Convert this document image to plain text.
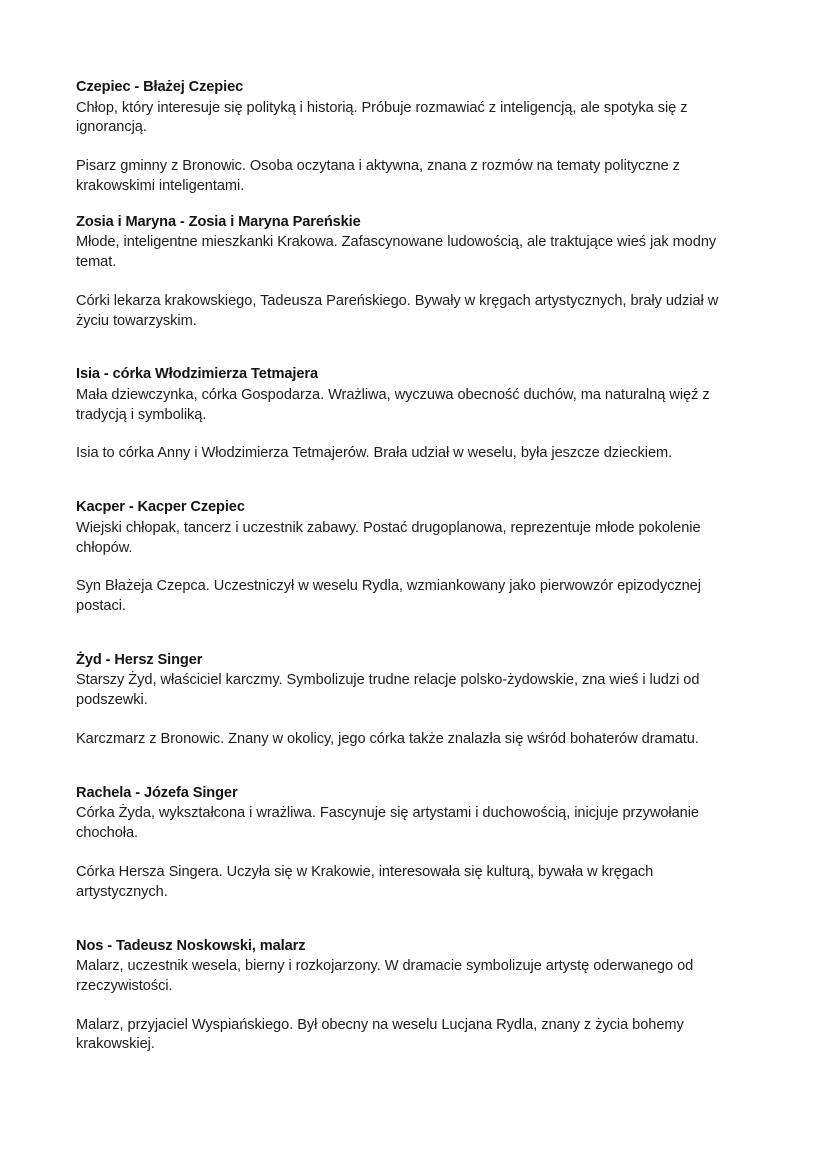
Czepiec - Błażej Czepiec

Chłop, który interesuje się polityką i historią. Próbuje rozmawiać z inteligencją, ale spotyka się z ignorancją.

Pisarz gminny z Bronowic. Osoba oczytana i aktywna, znana z rozmów na tematy polityczne z krakowskimi inteligentami.

Zosia i Maryna - Zosia i Maryna Pareńskie

Młode, inteligentne mieszkanki Krakowa. Zafascynowane ludowością, ale traktujące wieś jak modny temat.

Córki lekarza krakowskiego, Tadeusza Pareńskiego. Bywały w kręgach artystycznych, brały udział w życiu towarzyskim.

Isia - córka Włodzimierza Tetmajera

Mała dziewczynka, córka Gospodarza. Wrażliwa, wyczuwa obecność duchów, ma naturalną więź z tradycją i symboliką.

Isia to córka Anny i Włodzimierza Tetmajerów. Brała udział w weselu, była jeszcze dzieckiem.

Kacper - Kacper Czepiec

Wiejski chłopak, tancerz i uczestnik zabawy. Postać drugoplanowa, reprezentuje młode pokolenie chłopów.

Syn Błażeja Czepca. Uczestniczył w weselu Rydla, wzmiankowany jako pierwowzór epizodycznej postaci.

Żyd - Hersz Singer

Starszy Żyd, właściciel karczmy. Symbolizuje trudne relacje polsko-żydowskie, zna wieś i ludzi od podszewki.

Karczmarz z Bronowic. Znany w okolicy, jego córka także znalazła się wśród bohaterów dramatu.

Rachela - Józefa Singer

Córka Żyda, wykształcona i wrażliwa. Fascynuje się artystami i duchowością, inicjuje przywołanie chochoła.

Córka Hersza Singera. Uczyła się w Krakowie, interesowała się kulturą, bywała w kręgach artystycznych.

Nos - Tadeusz Noskowski, malarz

Malarz, uczestnik wesela, bierny i rozkojarzony. W dramacie symbolizuje artystę oderwanego od rzeczywistości.

Malarz, przyjaciel Wyspiańskiego. Był obecny na weselu Lucjana Rydla, znany z życia bohemy krakowskiej.
